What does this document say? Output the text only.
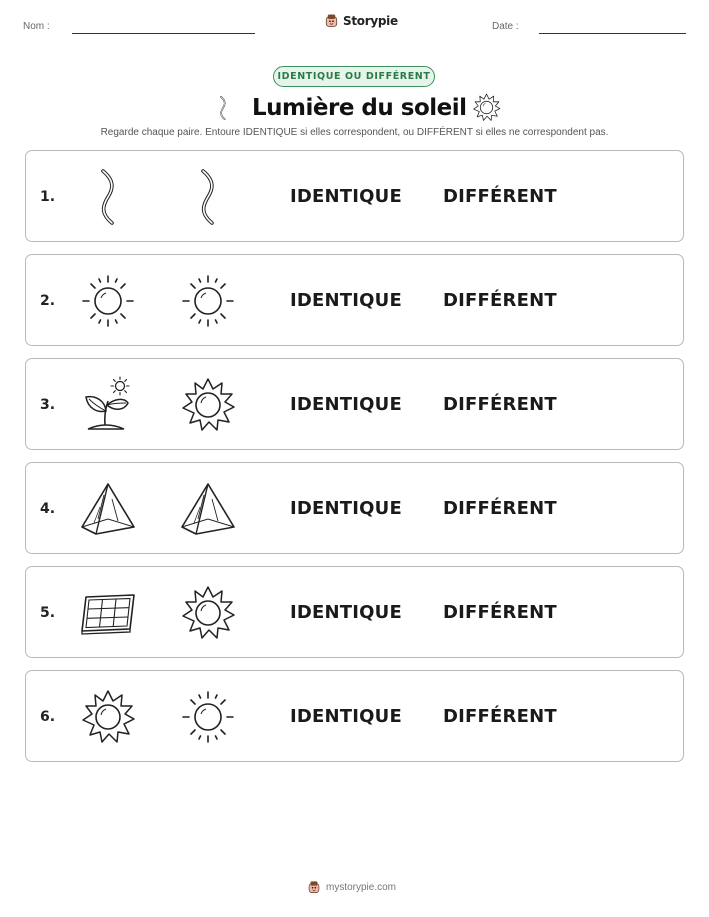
Nom :	Storypie	Date :
IDENTIQUE OU DIFFÉRENT
Lumière du soleil
Regarde chaque paire. Entoure IDENTIQUE si elles correspondent, ou DIFFÉRENT si elles ne correspondent pas.
1.	IDENTIQUE DIFFÉRENT
2.	IDENTIQUE DIFFÉRENT
3.	IDENTIQUE DIFFÉRENT
4.	IDENTIQUE DIFFÉRENT
5.	IDENTIQUE DIFFÉRENT
6.	IDENTIQUE DIFFÉRENT
mystorypie.com
